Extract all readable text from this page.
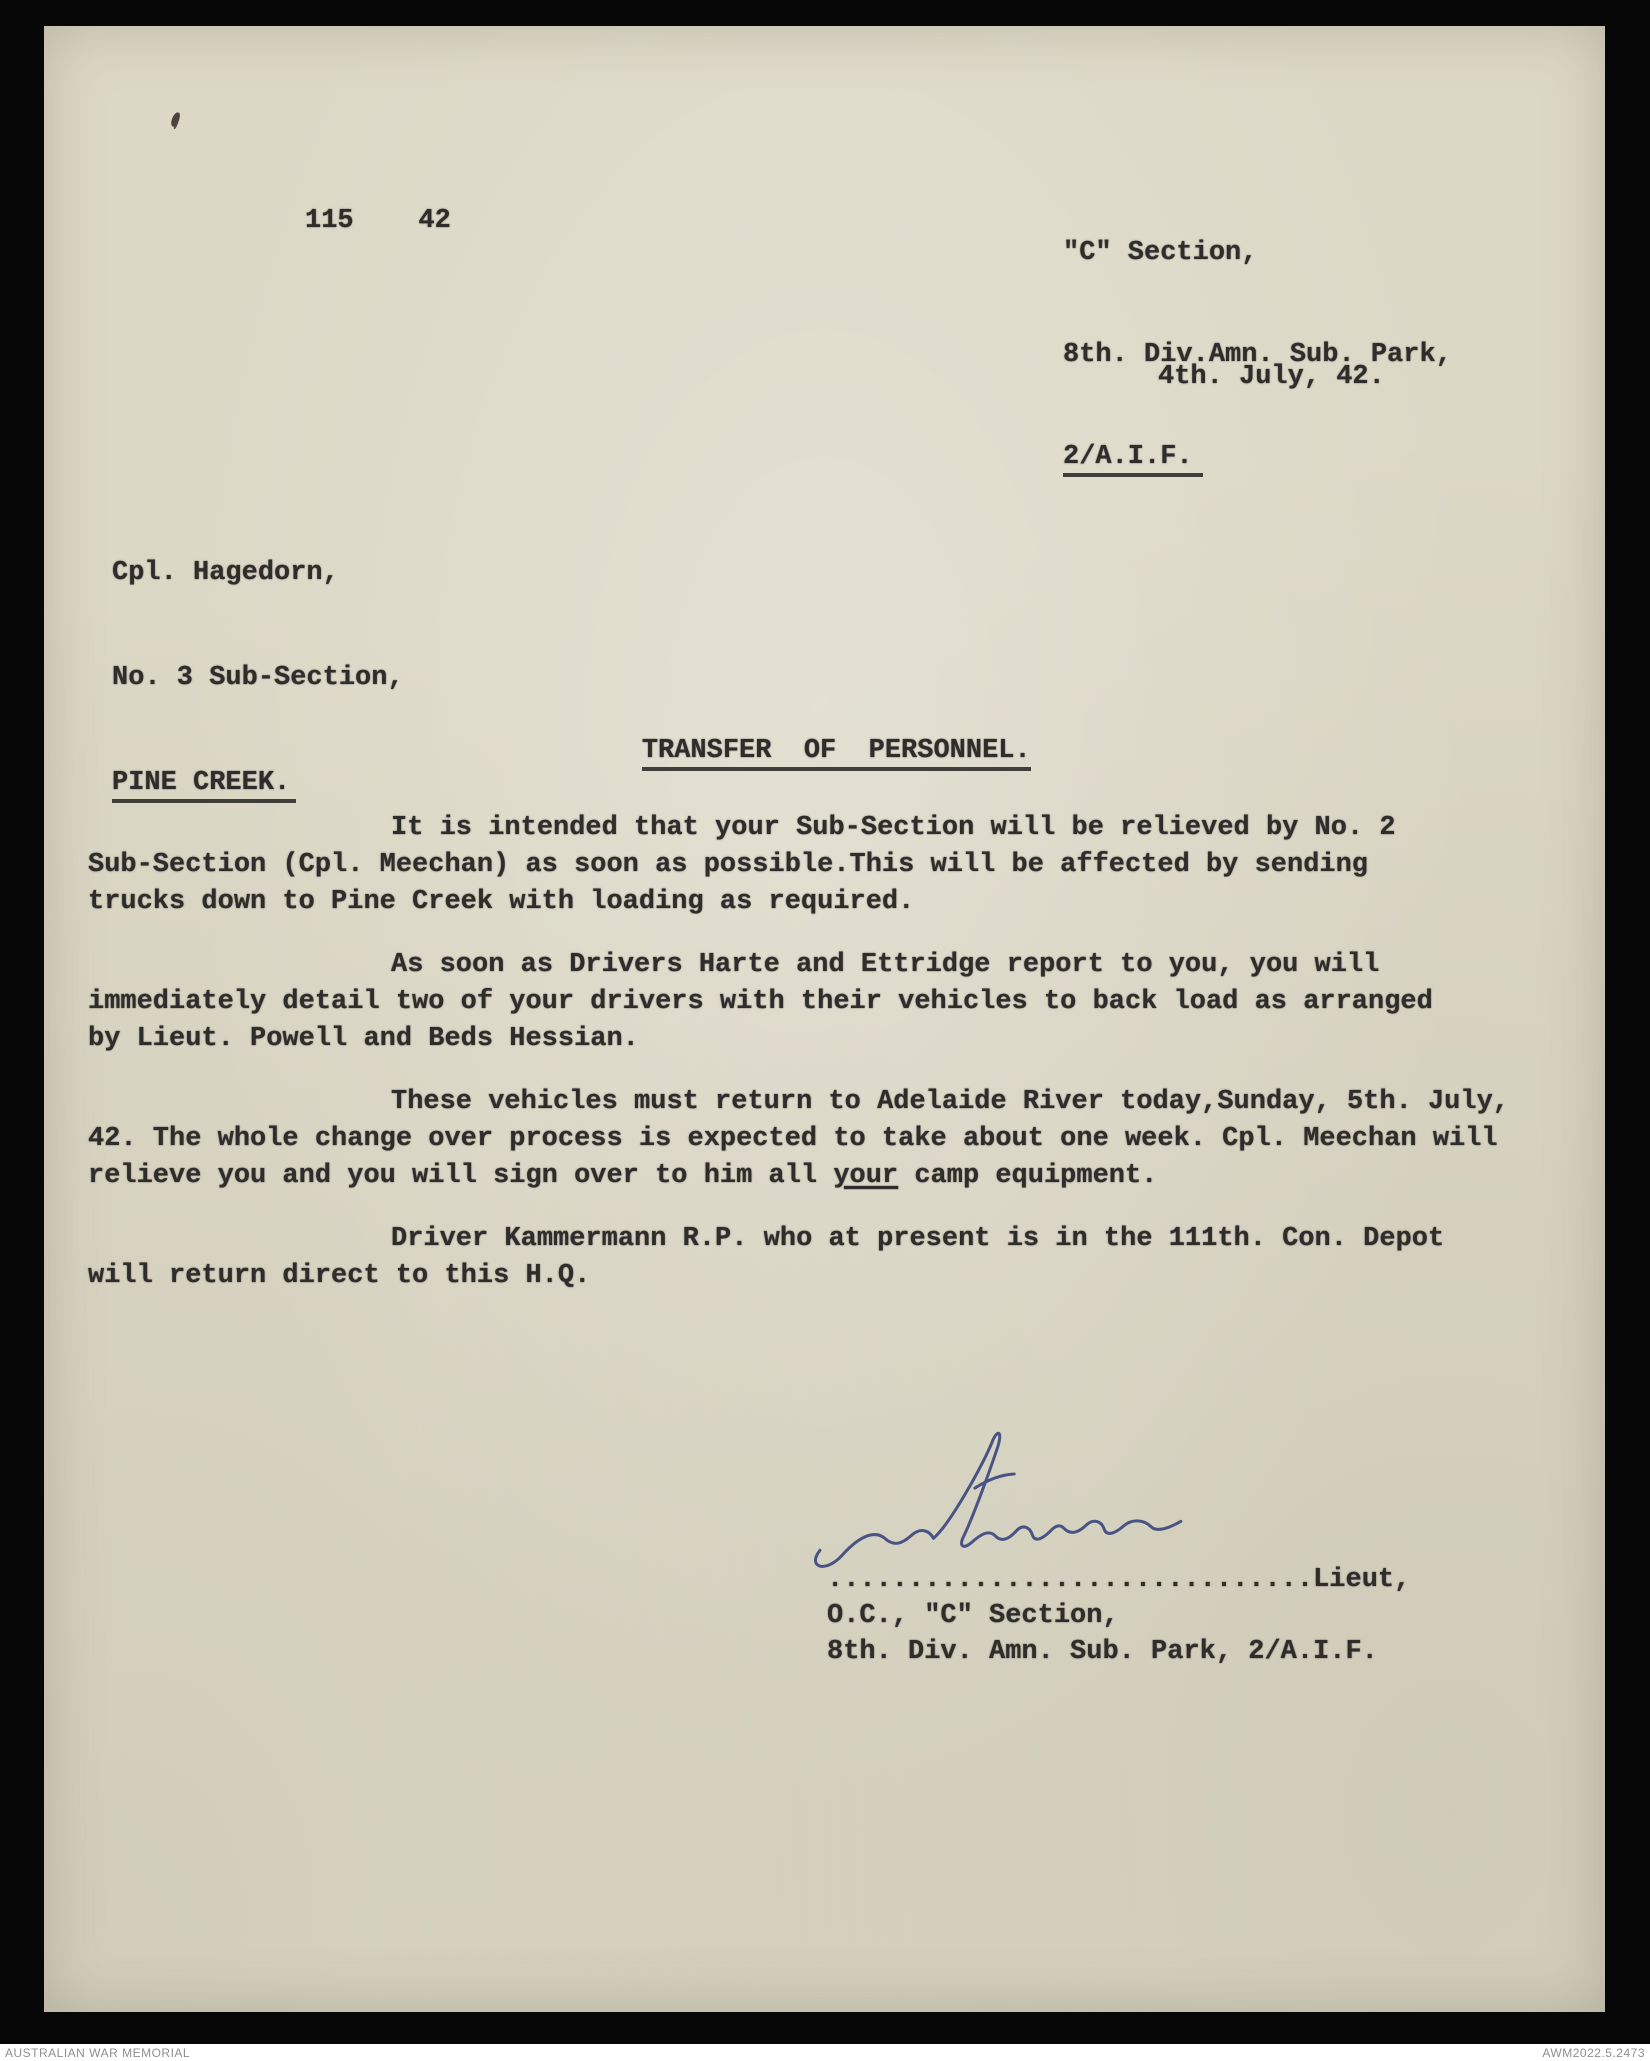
115    42

"C" Section,

8th. Div.Amn. Sub. Park,

2/A.I.F.

4th. July, 42.

Cpl. Hagedorn,

No. 3 Sub-Section,

PINE CREEK.

TRANSFER  OF  PERSONNEL.

It is intended that your Sub-Section will be relieved by No. 2
Sub-Section (Cpl. Meechan) as soon as possible.This will be affected by sending
trucks down to Pine Creek with loading as required.
As soon as Drivers Harte and Ettridge report to you, you will
immediately detail two of your drivers with their vehicles to back load as arranged
by Lieut. Powell and Beds Hessian.
These vehicles must return to Adelaide River today,Sunday, 5th. July,
42. The whole change over process is expected to take about one week. Cpl. Meechan will
relieve you and you will sign over to him all your camp equipment.
Driver Kammermann R.P. who at present is in the 111th. Con. Depot
will return direct to this H.Q.
..............................Lieut,
O.C., "C" Section,
8th. Div. Amn. Sub. Park, 2/A.I.F.
AUSTRALIAN WAR MEMORIAL	AWM2022.5.2473
